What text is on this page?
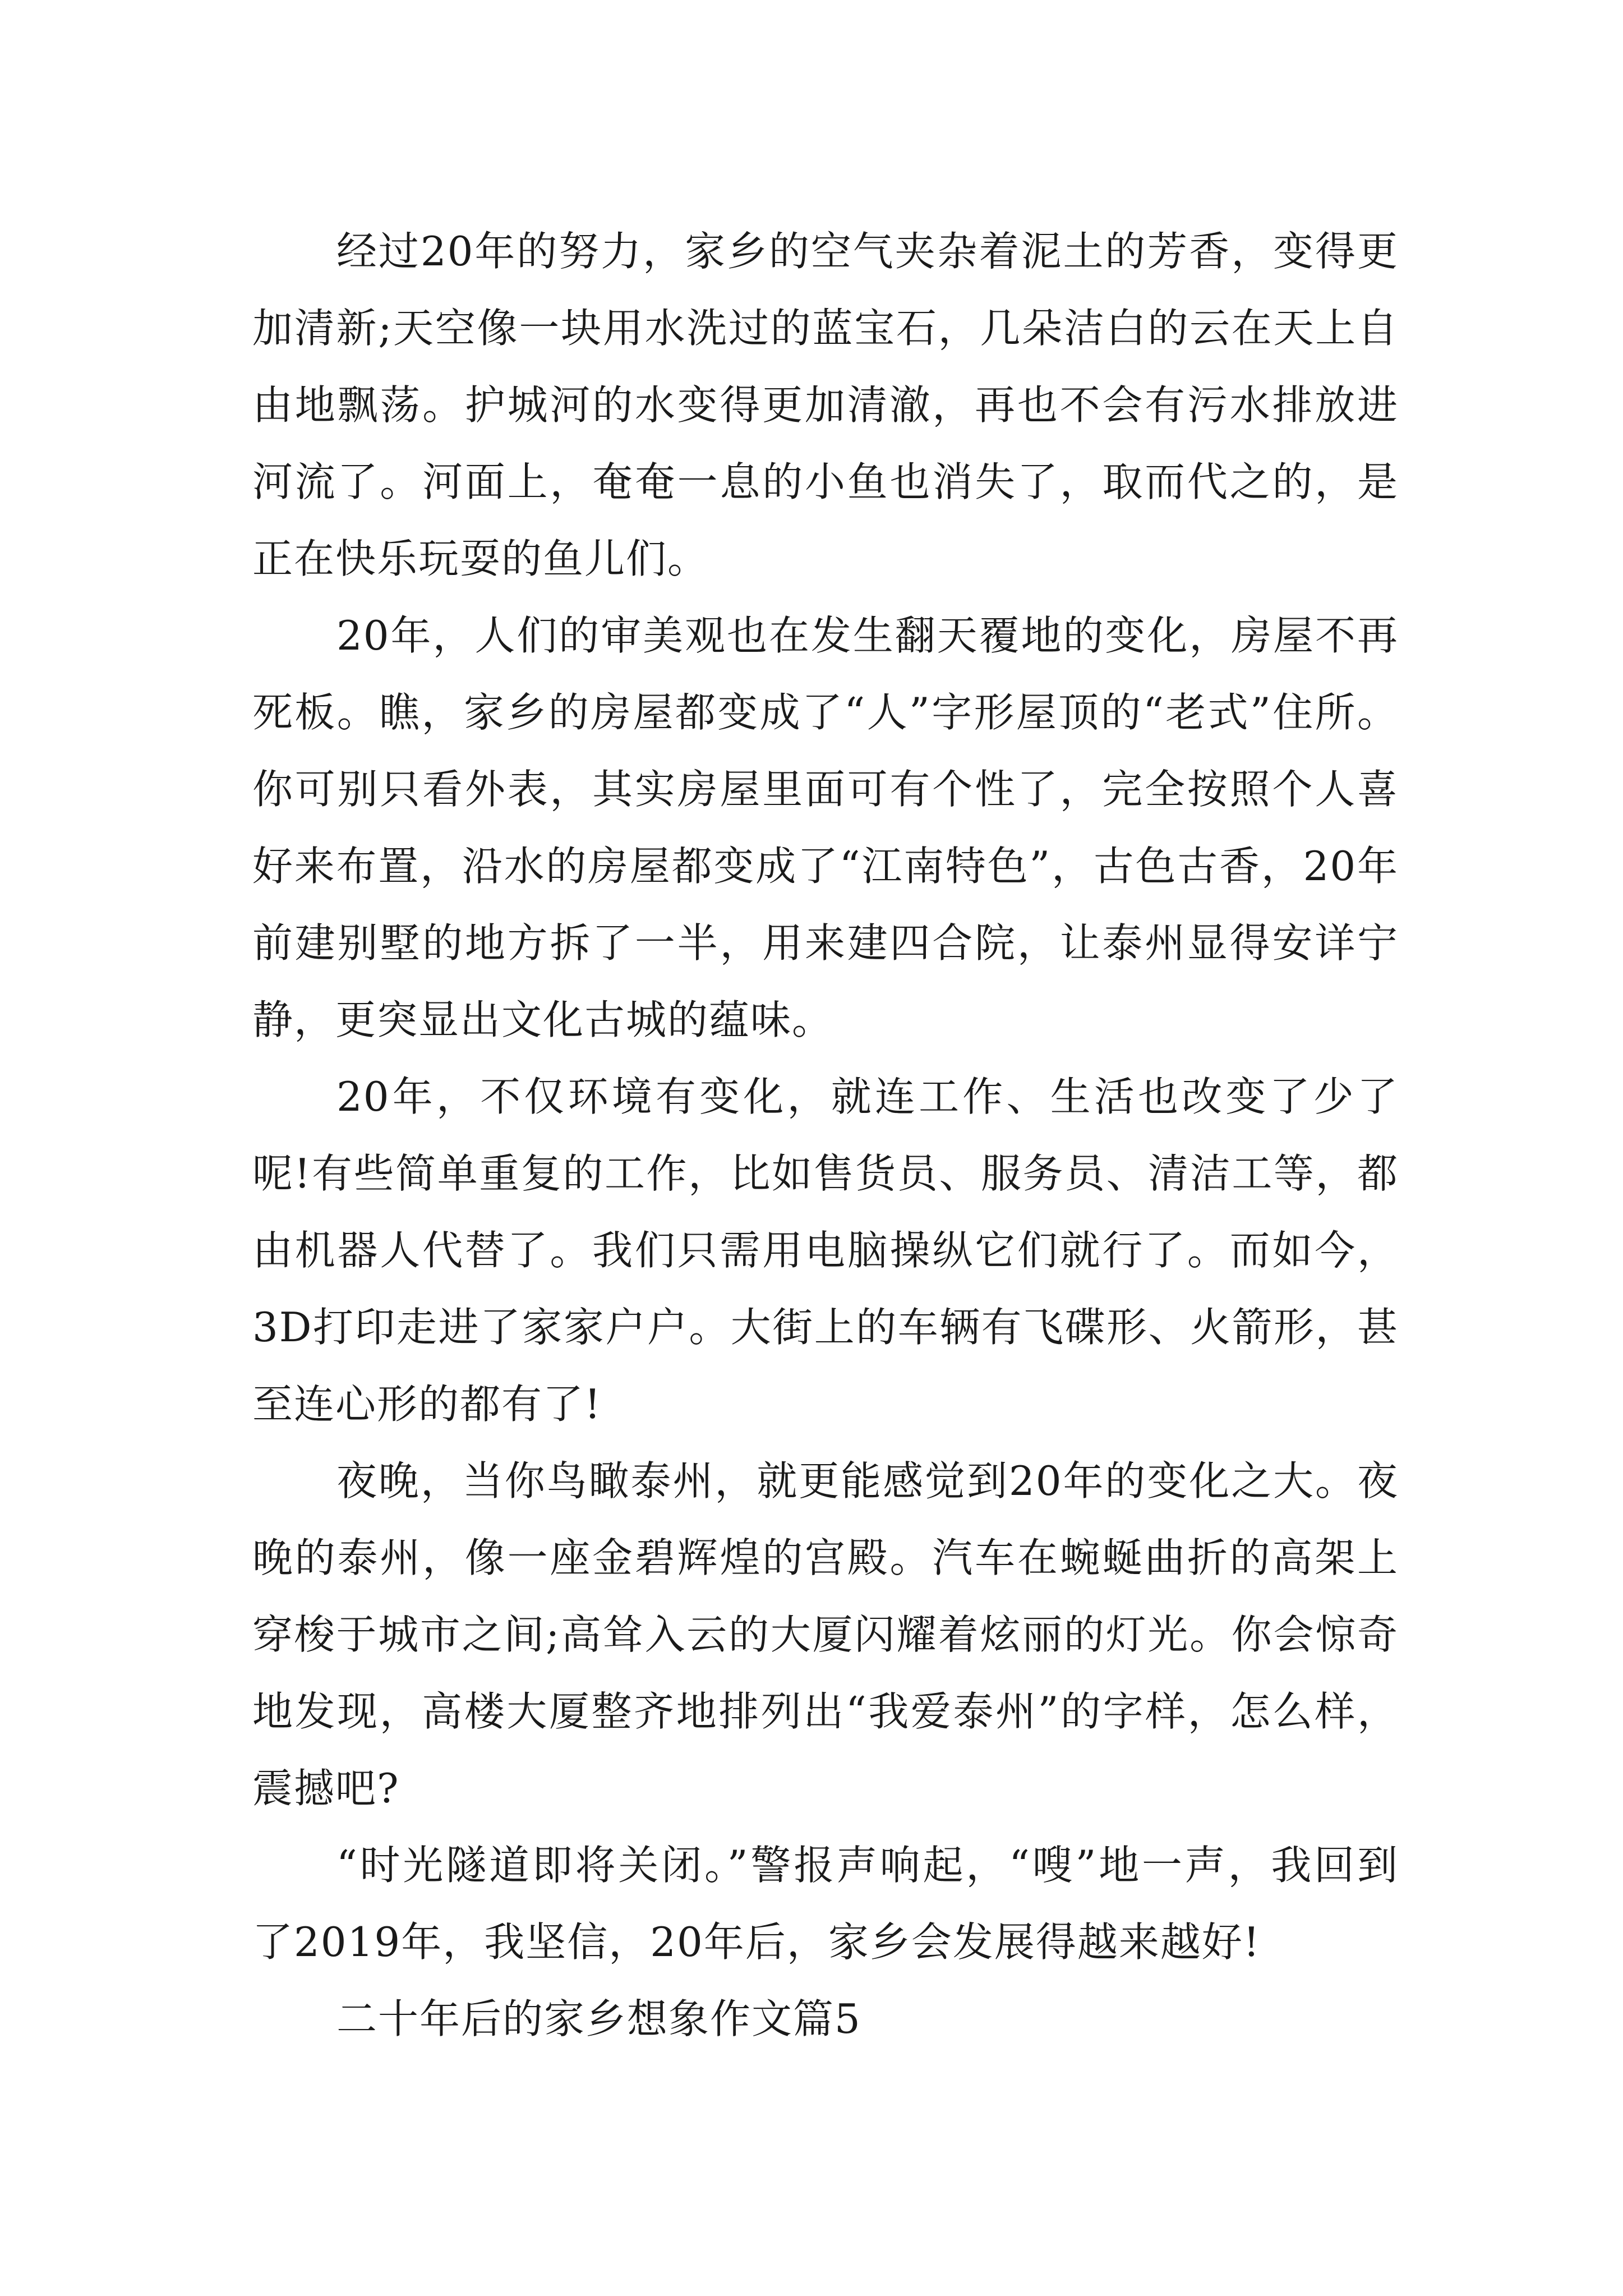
经过20年的努力，家乡的空气夹杂着泥土的芳香，变得更加清新;天空像一块用水洗过的蓝宝石，几朵洁白的云在天上自由地飘荡。护城河的水变得更加清澈，再也不会有污水排放进河流了。河面上，奄奄一息的小鱼也消失了，取而代之的，是正在快乐玩耍的鱼儿们。

20年，人们的审美观也在发生翻天覆地的变化，房屋不再死板。瞧，家乡的房屋都变成了“人”字形屋顶的“老式”住所。你可别只看外表，其实房屋里面可有个性了，完全按照个人喜好来布置，沿水的房屋都变成了“江南特色”，古色古香，20年前建别墅的地方拆了一半，用来建四合院，让泰州显得安详宁静，更突显出文化古城的蕴味。

20年，不仅环境有变化，就连工作、生活也改变了少了呢!有些简单重复的工作，比如售货员、服务员、清洁工等，都由机器人代替了。我们只需用电脑操纵它们就行了。而如今，3D打印走进了家家户户。大街上的车辆有飞碟形、火箭形，甚至连心形的都有了!

夜晚，当你鸟瞰泰州，就更能感觉到20年的变化之大。夜晚的泰州，像一座金碧辉煌的宫殿。汽车在蜿蜒曲折的高架上穿梭于城市之间;高耸入云的大厦闪耀着炫丽的灯光。你会惊奇地发现，高楼大厦整齐地排列出“我爱泰州”的字样，怎么样，震撼吧?

“时光隧道即将关闭。”警报声响起，“嗖”地一声，我回到了2019年，我坚信，20年后，家乡会发展得越来越好!

二十年后的家乡想象作文篇5
